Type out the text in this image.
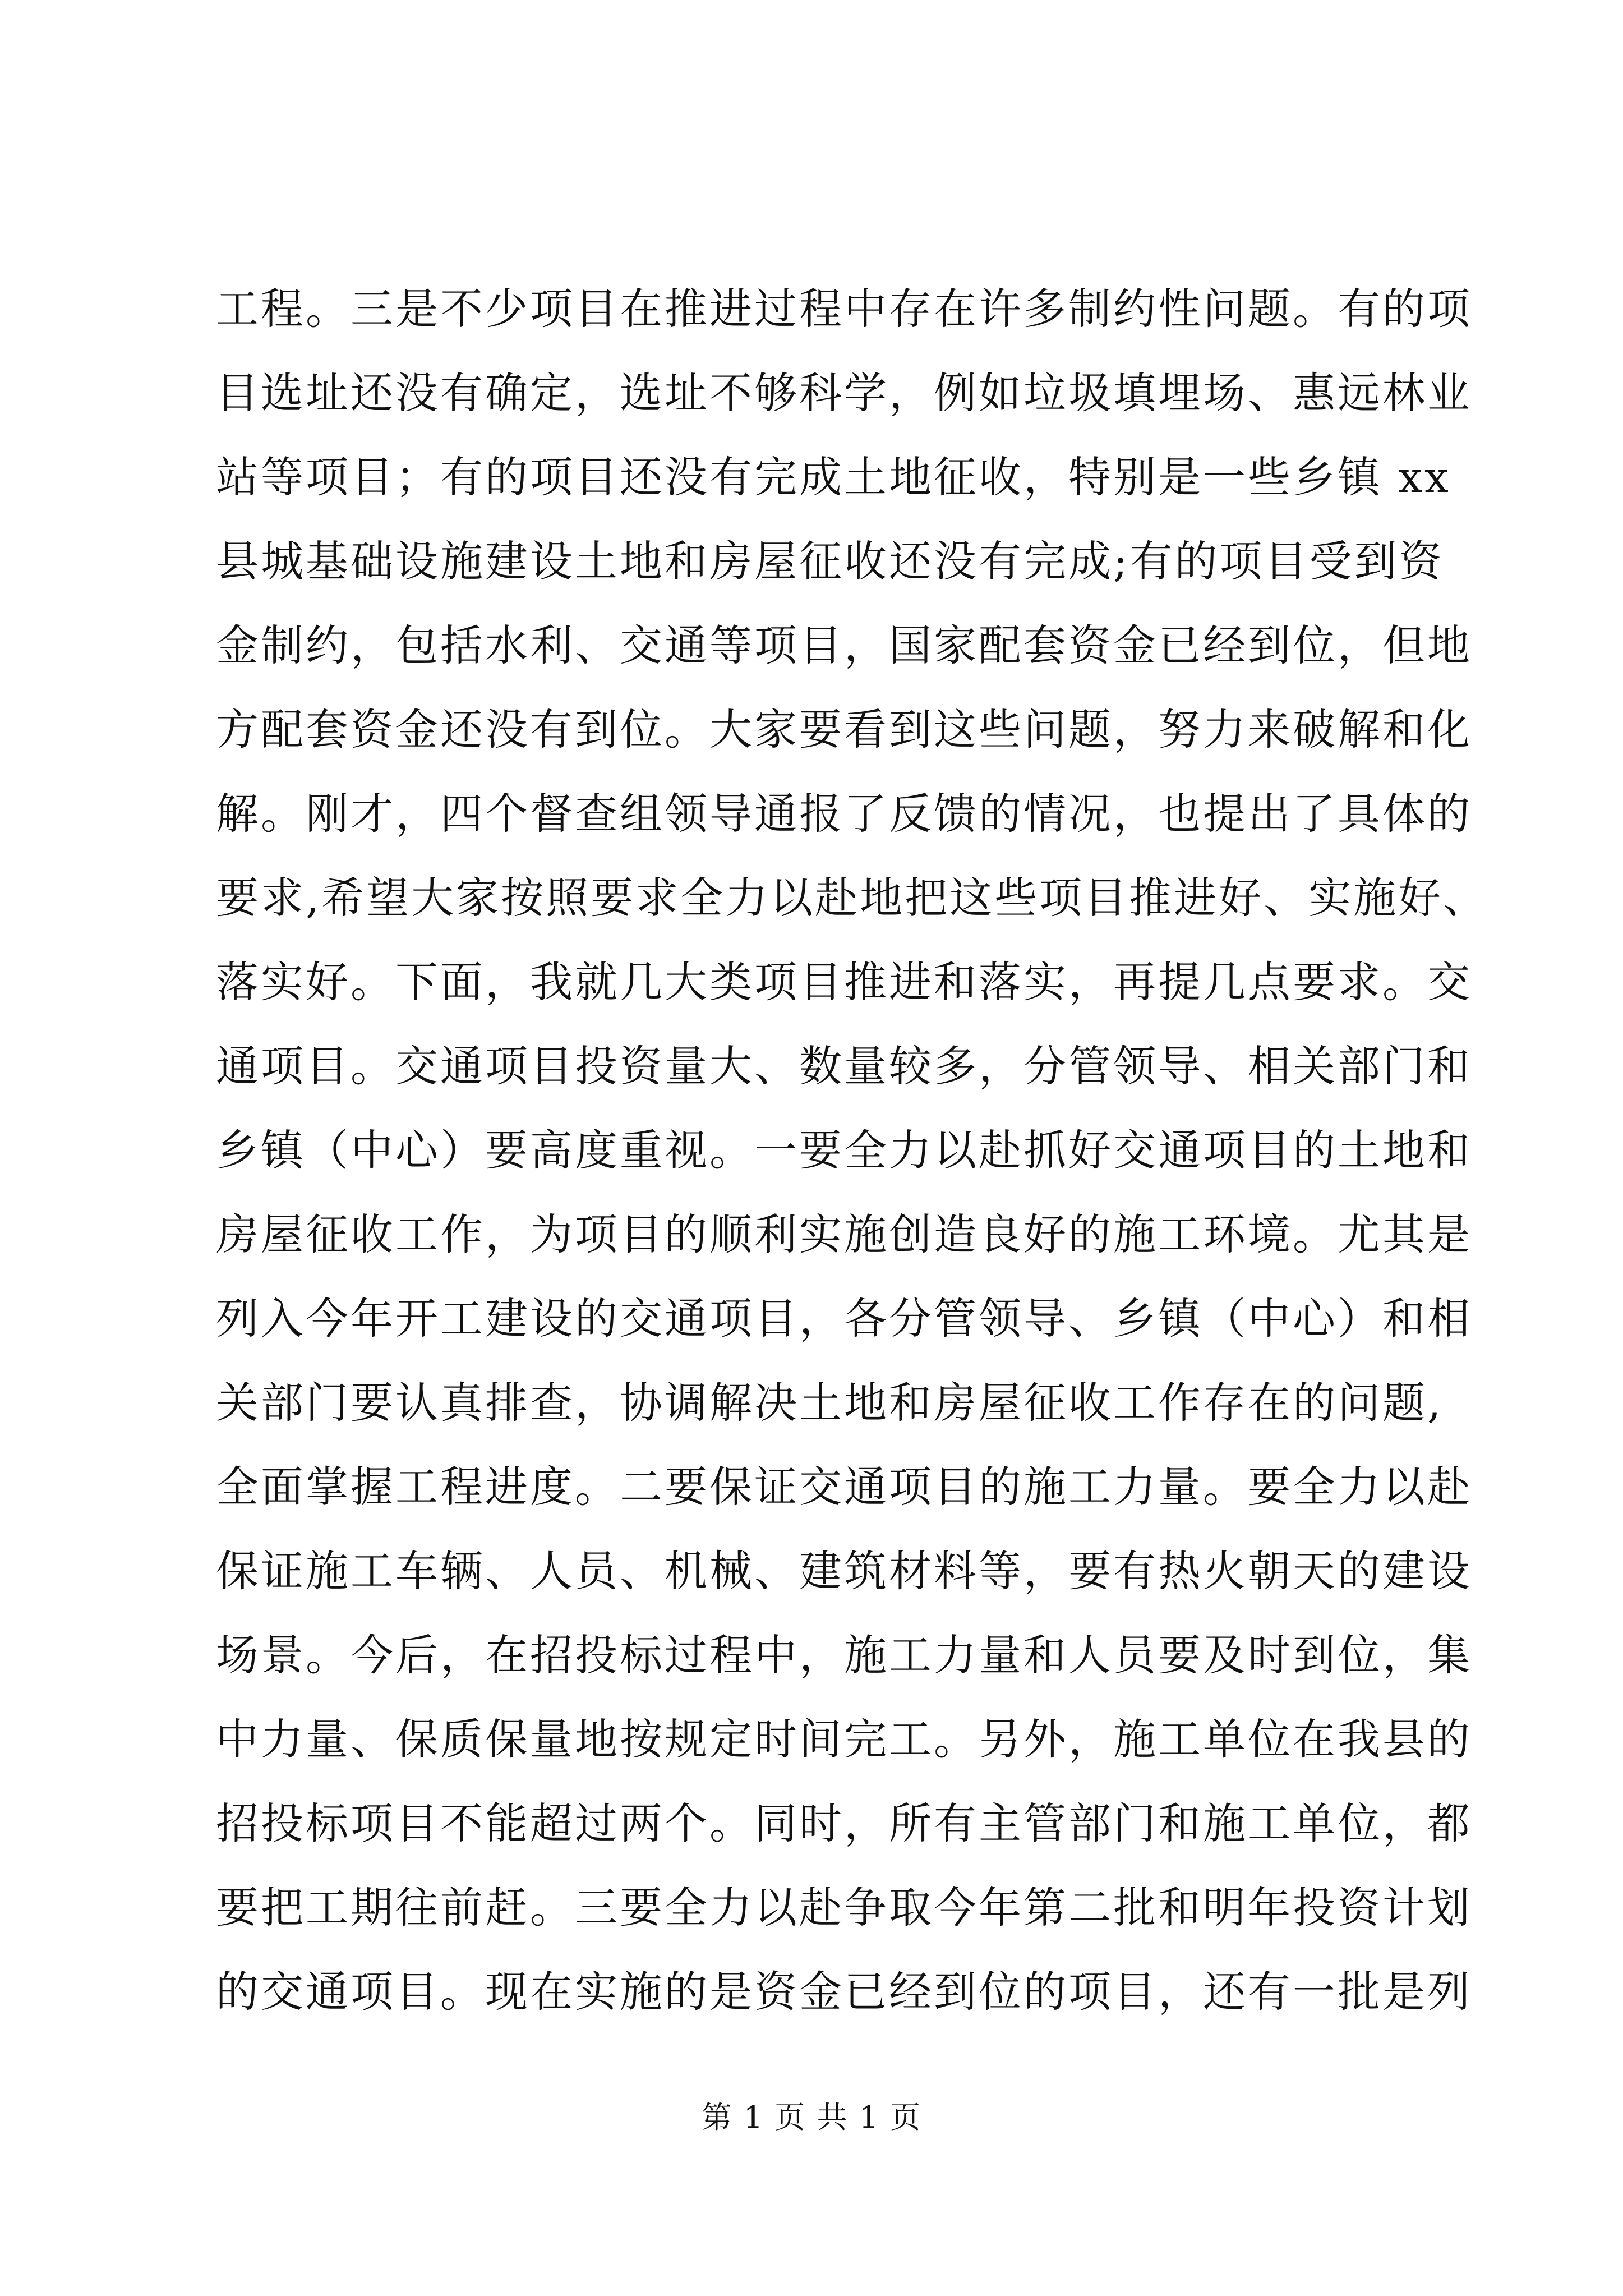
工程。三是不少项目在推进过程中存在许多制约性问题。有的项
目选址还没有确定，选址不够科学，例如垃圾填埋场、惠远林业
站等项目；有的项目还没有完成土地征收，特别是一些乡镇 xx
县城基础设施建设土地和房屋征收还没有完成;有的项目受到资
金制约，包括水利、交通等项目，国家配套资金已经到位，但地
方配套资金还没有到位。大家要看到这些问题，努力来破解和化
解。刚才，四个督查组领导通报了反馈的情况，也提出了具体的
要求,希望大家按照要求全力以赴地把这些项目推进好、实施好、
落实好。下面，我就几大类项目推进和落实，再提几点要求。交
通项目。交通项目投资量大、数量较多，分管领导、相关部门和
乡镇（中心）要高度重视。一要全力以赴抓好交通项目的土地和
房屋征收工作，为项目的顺利实施创造良好的施工环境。尤其是
列入今年开工建设的交通项目，各分管领导、乡镇（中心）和相
关部门要认真排查，协调解决土地和房屋征收工作存在的问题,
全面掌握工程进度。二要保证交通项目的施工力量。要全力以赴
保证施工车辆、人员、机械、建筑材料等，要有热火朝天的建设
场景。今后，在招投标过程中，施工力量和人员要及时到位，集
中力量、保质保量地按规定时间完工。另外，施工单位在我县的
招投标项目不能超过两个。同时，所有主管部门和施工单位，都
要把工期往前赶。三要全力以赴争取今年第二批和明年投资计划
的交通项目。现在实施的是资金已经到位的项目，还有一批是列
第 1 页 共 1 页
